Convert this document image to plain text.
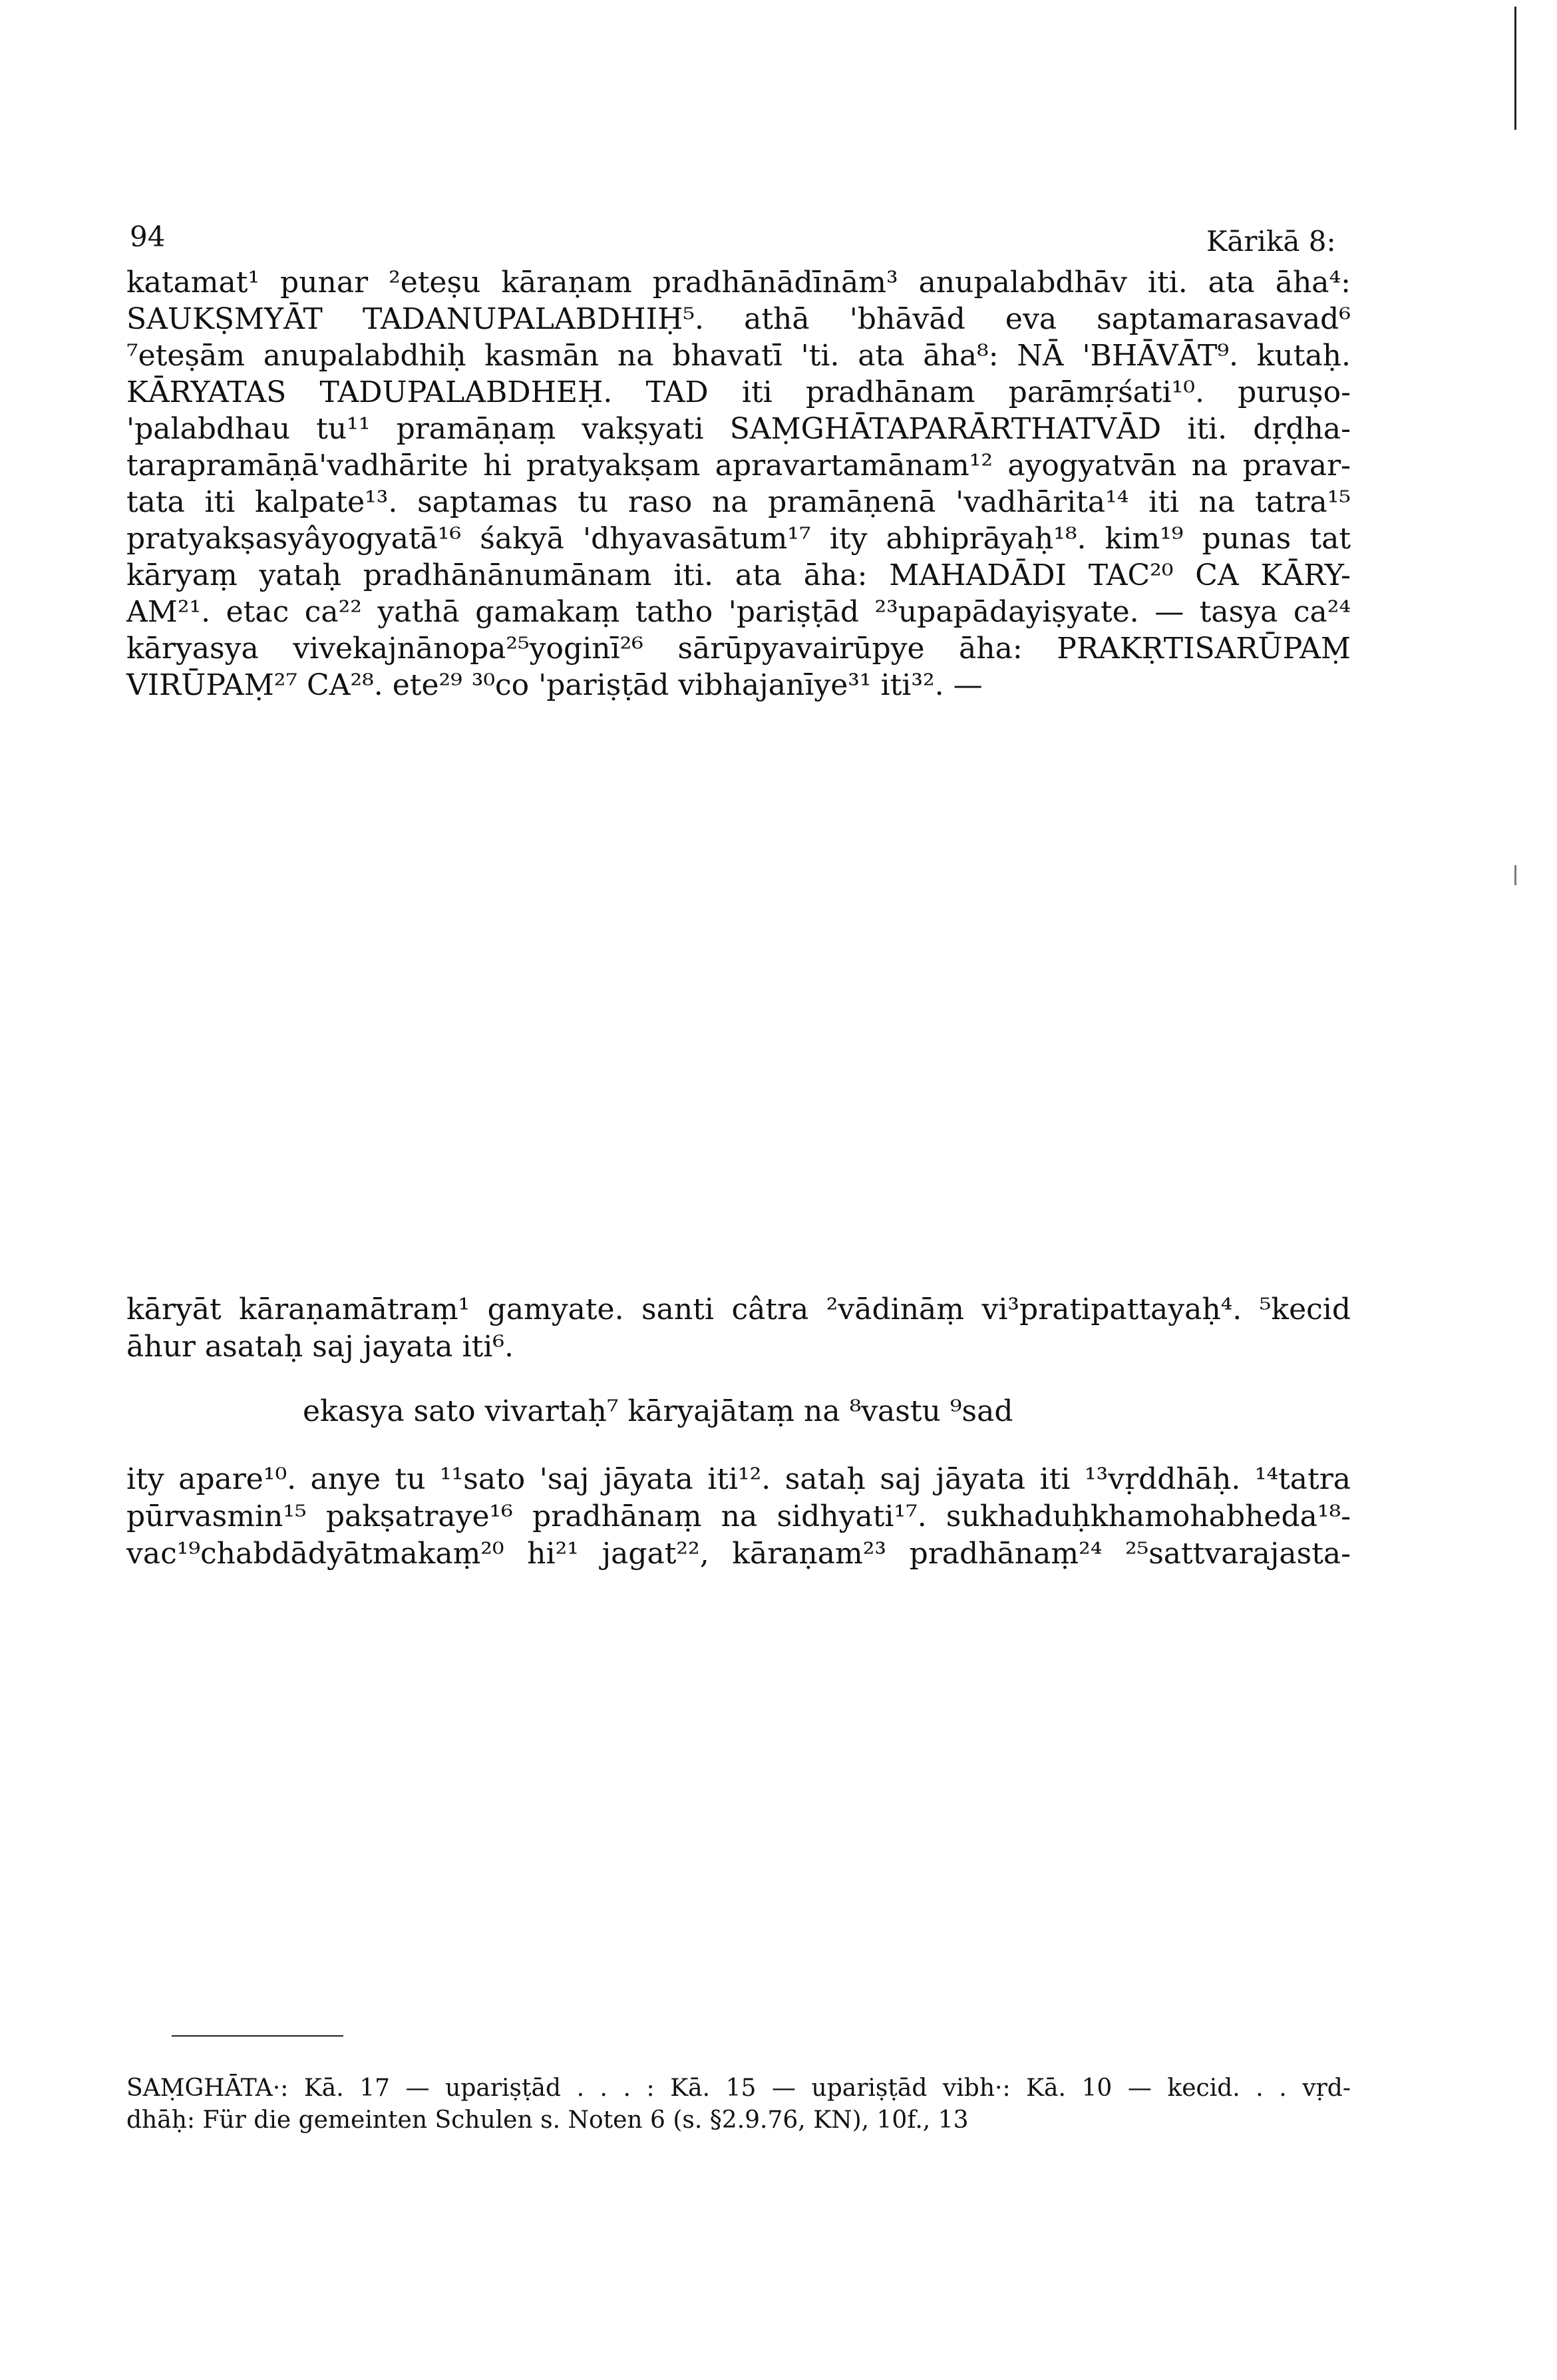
94	Kārikā 8:
katamat¹ punar ²eteṣu kāraṇam pradhānādīnām³ anupalabdhāv iti. ata āha⁴:
SAUKṢMYĀT TADANUPALABDHIḤ⁵. athā 'bhāvād eva saptamarasavad⁶
⁷eteṣām anupalabdhiḥ kasmān na bhavatī 'ti. ata āha⁸: NĀ 'BHĀVĀT⁹. kutaḥ.
KĀRYATAS TADUPALABDHEḤ. TAD iti pradhānam parāmṛśati¹⁰. puruṣo-
'palabdhau tu¹¹ pramāṇaṃ vakṣyati SAṂGHĀTAPARĀRTHATVĀD iti. dṛḍha-
tarapramāṇā'vadhārite hi pratyakṣam apravartamānam¹² ayogyatvān na pravar-
tata iti kalpate¹³. saptamas tu raso na pramāṇenā 'vadhārita¹⁴ iti na tatra¹⁵
pratyakṣasyâyogyatā¹⁶ śakyā 'dhyavasātum¹⁷ ity abhiprāyaḥ¹⁸. kim¹⁹ punas tat
kāryaṃ yataḥ pradhānānumānam iti. ata āha: MAHADĀDI TAC²⁰ CA KĀRY-
AM²¹. etac ca²² yathā gamakaṃ tatho 'pariṣṭād ²³upapādayiṣyate. — tasya ca²⁴
kāryasya vivekajnānopa²⁵yoginī²⁶ sārūpyavairūpye āha: PRAKṚTISARŪPAṂ
VIRŪPAṂ²⁷ CA²⁸. ete²⁹ ³⁰co 'pariṣṭād vibhajanīye³¹ iti³². —
kāryāt kāraṇamātraṃ¹ gamyate. santi câtra ²vādināṃ vi³pratipattayaḥ⁴. ⁵kecid
āhur asataḥ saj jayata iti⁶.
ekasya sato vivartaḥ⁷ kāryajātaṃ na ⁸vastu ⁹sad
ity apare¹⁰. anye tu ¹¹sato 'saj jāyata iti¹². sataḥ saj jāyata iti ¹³vṛddhāḥ. ¹⁴tatra
pūrvasmin¹⁵ pakṣatraye¹⁶ pradhānaṃ na sidhyati¹⁷. sukhaduḥkhamohabheda¹⁸-
vac¹⁹chabdādyātmakaṃ²⁰ hi²¹ jagat²², kāraṇam²³ pradhānaṃ²⁴ ²⁵sattvarajasta-
SAṂGHĀTA·: Kā. 17 — upariṣṭād . . . : Kā. 15 — upariṣṭād vibh·: Kā. 10 — kecid. . . vṛd-
dhāḥ: Für die gemeinten Schulen s. Noten 6 (s. §2.9.76, KN), 10f., 13
